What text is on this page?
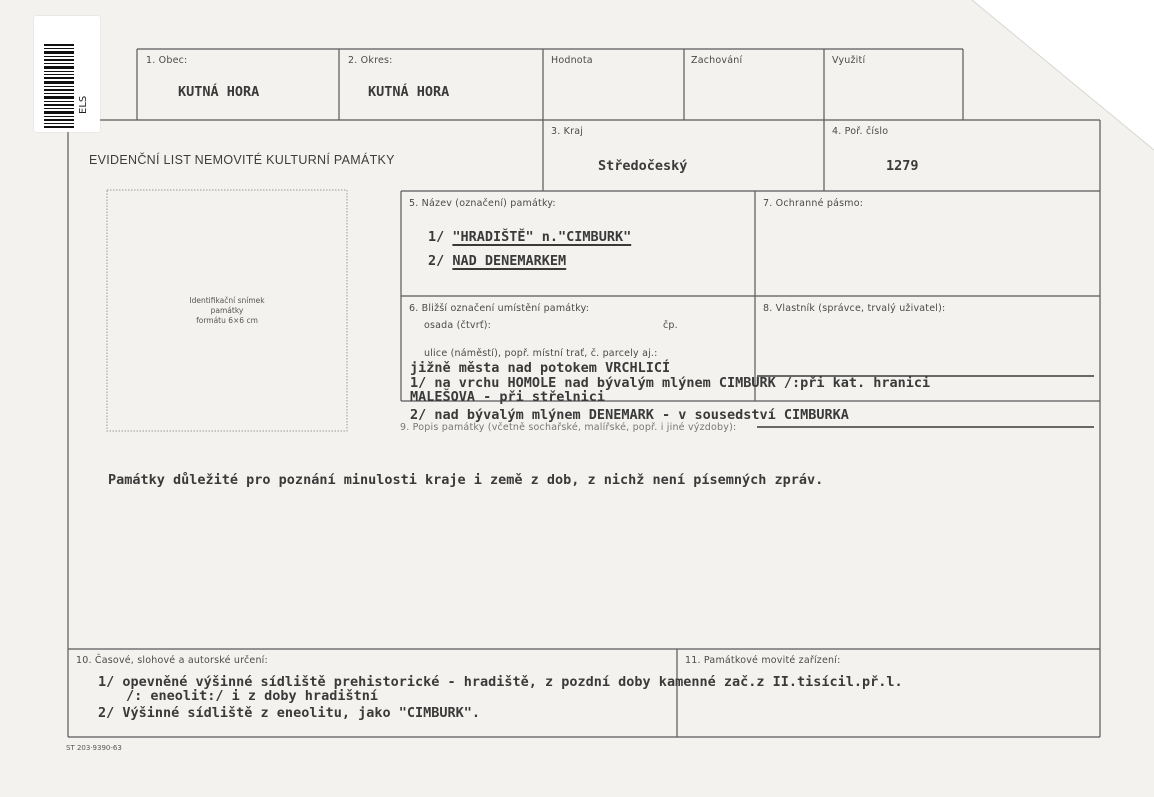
ELS
1. Obec:
KUTNÁ HORA
2. Okres:
KUTNÁ HORA
Hodnota	Zachování	Využití
EVIDENČNÍ LIST NEMOVITÉ KULTURNÍ PAMÁTKY
3. Kraj
Středočeský
4. Poř. číslo
1279
Identifikační snímek
památky
formátu 6×6 cm
5. Název (označení) památky:
1/ "HRADIŠTĚ" n."CIMBURK"
2/ NAD DENEMARKEM
7. Ochranné pásmo:
6. Bližší označení umístění památky:
osada (čtvrť):	čp.
ulice (náměstí), popř. místní trať, č. parcely aj.:
jižně města nad potokem VRCHLICÍ
1/ na vrchu HOMOLE nad bývalým mlýnem CIMBURK /:při kat. hranici
MALEŠOVA - při střelnici
2/ nad bývalým mlýnem DENEMARK - v sousedství CIMBURKA
8. Vlastník (správce, trvalý uživatel):
9. Popis památky (včetně sochařské, malířské, popř. i jiné výzdoby):
Památky důležité pro poznání minulosti kraje i země z dob, z nichž není písemných zpráv.
10. Časové, slohové a autorské určení:
1/ opevněné výšinné sídliště prehistorické - hradiště, z pozdní doby kamenné zač.z II.tisícil.př.l.
/: eneolit:/ i z doby hradištní
2/ Výšinné sídliště z eneolitu, jako "CIMBURK".
11. Památkové movité zařízení:
ST 203·9390-63
